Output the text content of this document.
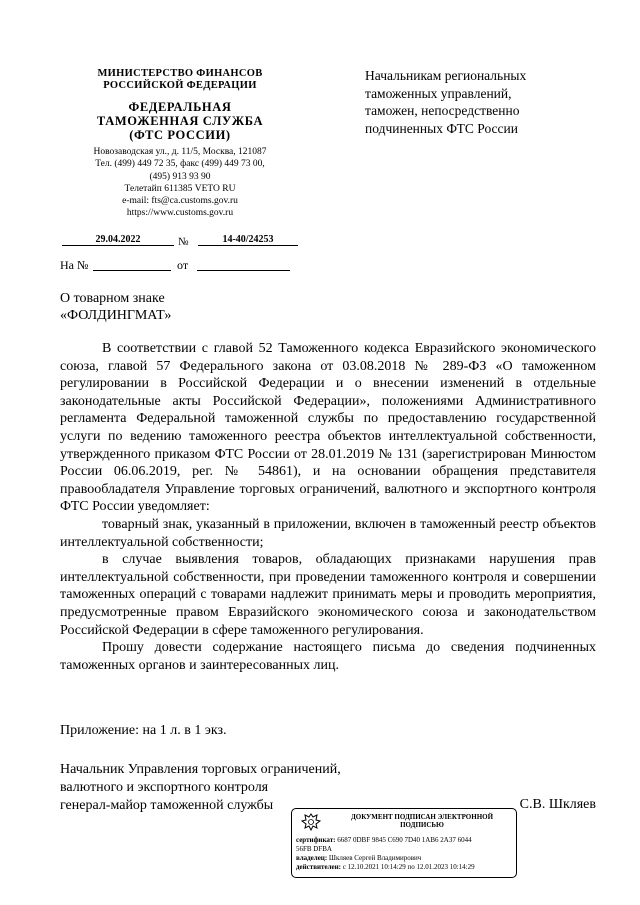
МИНИСТЕРСТВО ФИНАНСОВ
РОССИЙСКОЙ ФЕДЕРАЦИИ
ФЕДЕРАЛЬНАЯ
ТАМОЖЕННАЯ СЛУЖБА
(ФТС РОССИИ)
Новозаводская ул., д. 11/5, Москва, 121087
Тел. (499) 449 72 35, факс (499) 449 73 00,
(495) 913 93 90
Телетайп 611385 VETO RU
e-mail: fts@ca.customs.gov.ru
https://www.customs.gov.ru
29.04.2022	№	14-40/24253
На №	от
Начальникам региональных
таможенных управлений,
таможен, непосредственно
подчиненных ФТС России
О товарном знаке
«ФОЛДИНГМАТ»

В соответствии с главой 52 Таможенного кодекса Евразийского экономического союза, главой 57 Федерального закона от 03.08.2018 № 289-ФЗ «О таможенном регулировании в Российской Федерации и о внесении изменений в отдельные законодательные акты Российской Федерации», положениями Административного регламента Федеральной таможенной службы по предоставлению государственной услуги по ведению таможенного реестра объектов интеллектуальной собственности, утвержденного приказом ФТС России от 28.01.2019 № 131 (зарегистрирован Минюстом России 06.06.2019, рег. № 54861), и на основании обращения представителя правообладателя Управление торговых ограничений, валютного и экспортного контроля ФТС России уведомляет:

товарный знак, указанный в приложении, включен в таможенный реестр объектов интеллектуальной собственности;

в случае выявления товаров, обладающих признаками нарушения прав интеллектуальной собственности, при проведении таможенного контроля и совершении таможенных операций с товарами надлежит принимать меры и проводить мероприятия, предусмотренные правом Евразийского экономического союза и законодательством Российской Федерации в сфере таможенного регулирования.

Прошу довести содержание настоящего письма до сведения подчиненных таможенных органов и заинтересованных лиц.

Приложение: на 1 л. в 1 экз.
Начальник Управления торговых ограничений,
валютного и экспортного контроля
генерал-майор таможенной службы	С.В. Шкляев
ДОКУМЕНТ ПОДПИСАН ЭЛЕКТРОННОЙ
ПОДПИСЬЮ
сертификат: 6687 0DBF 9845 C690 7D40 1AB6 2A37 6044
56FB DFBA
владелец: Шкляев Сергей Владимирович
действителен: с 12.10.2021 10:14:29 по 12.01.2023 10:14:29
